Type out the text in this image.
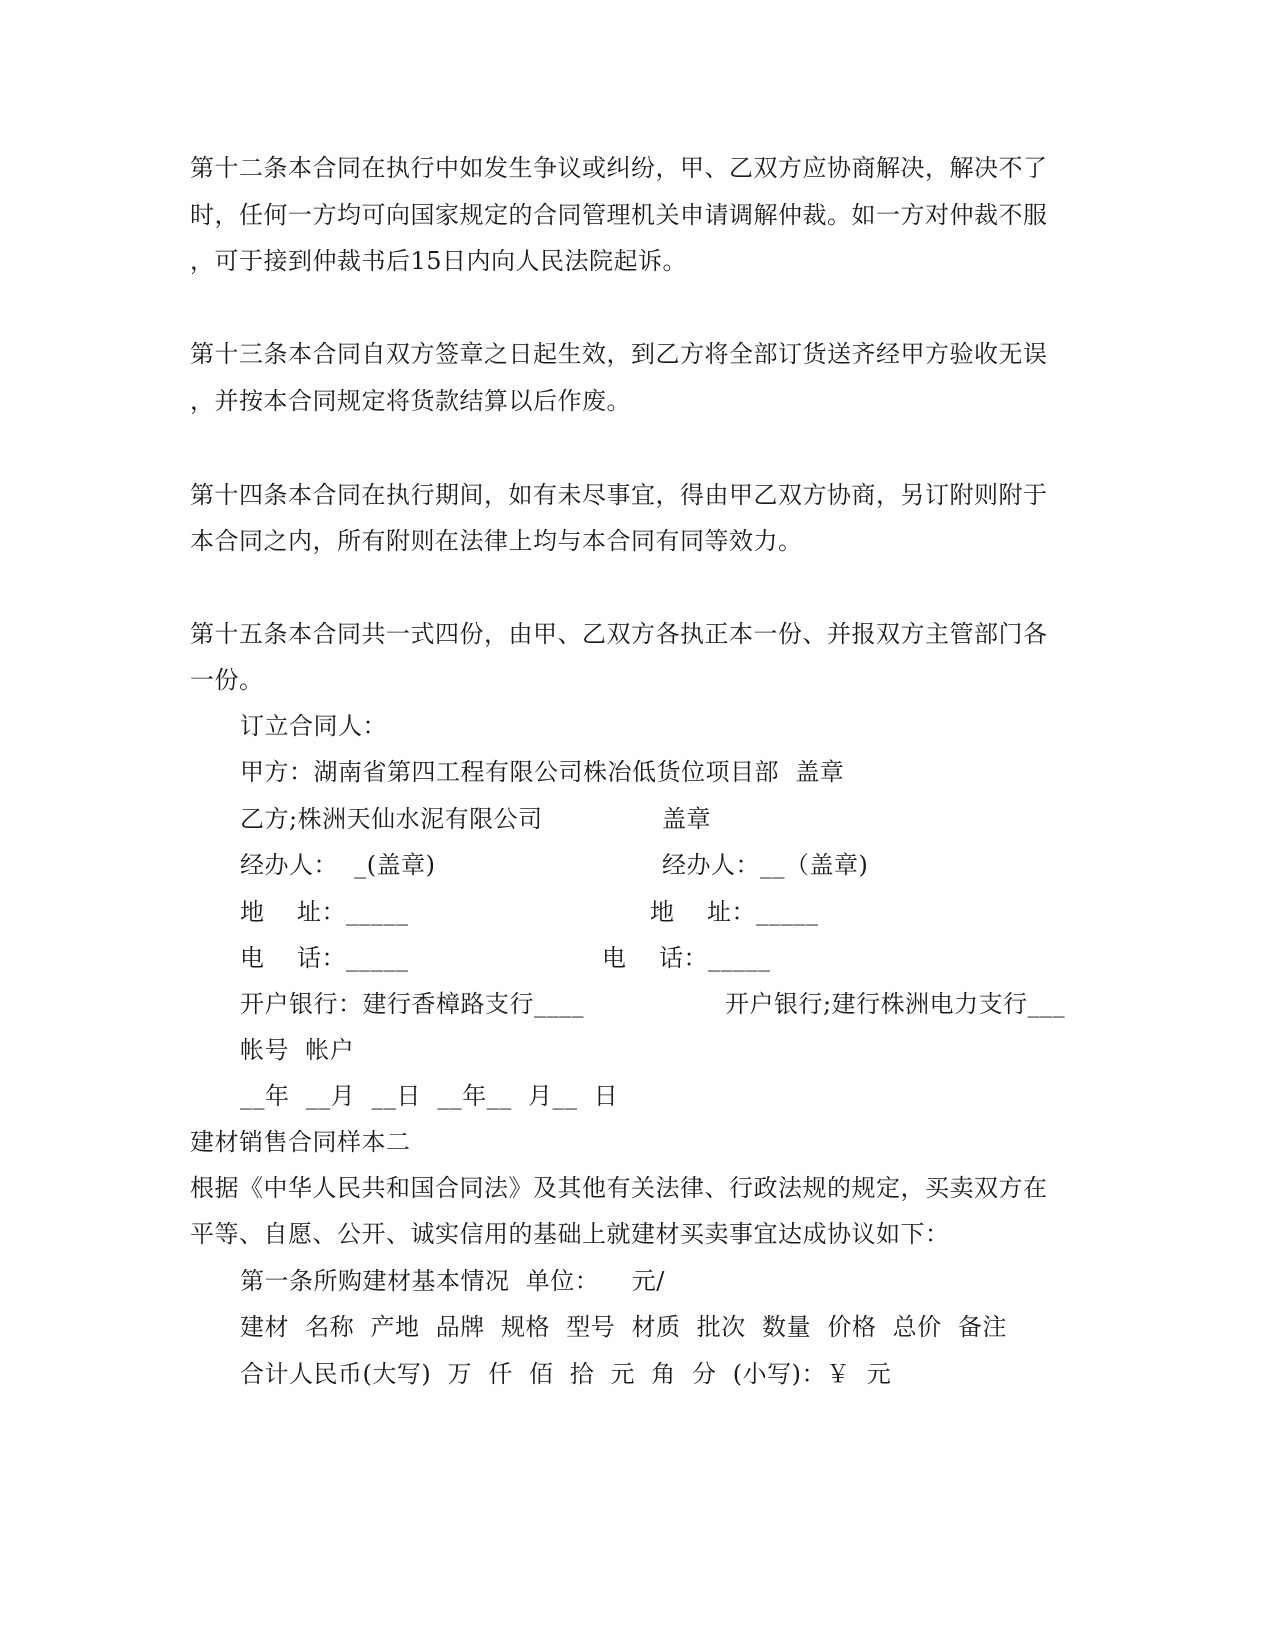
第十二条本合同在执行中如发生争议或纠纷，甲、乙双方应协商解决，解决不了
时，任何一方均可向国家规定的合同管理机关申请调解仲裁。如一方对仲裁不服
，可于接到仲裁书后15日内向人民法院起诉。
第十三条本合同自双方签章之日起生效，到乙方将全部订货送齐经甲方验收无误
，并按本合同规定将货款结算以后作废。
第十四条本合同在执行期间，如有未尽事宜，得由甲乙双方协商，另订附则附于
本合同之内，所有附则在法律上均与本合同有同等效力。
第十五条本合同共一式四份，由甲、乙双方各执正本一份、并报双方主管部门各
一份。
订立合同人：
甲方：湖南省第四工程有限公司株冶低货位项目部  盖章
乙方;株洲天仙水泥有限公司	盖章
经办人：  _(盖章)	经办人：__（盖章)
地    址：_____	地    址：_____
电    话：_____	电    话：_____
开户银行：建行香樟路支行____	开户银行;建行株洲电力支行___
帐号  帐户
__年  __月  __日  __年__  月__  日
建材销售合同样本二
根据《中华人民共和国合同法》及其他有关法律、行政法规的规定，买卖双方在
平等、自愿、公开、诚实信用的基础上就建材买卖事宜达成协议如下：
第一条所购建材基本情况  单位：    元/
建材  名称  产地  品牌  规格  型号  材质  批次  数量  价格  总价  备注
合计人民币(大写)  万  仟  佰  拾  元  角  分  (小写)：￥  元
